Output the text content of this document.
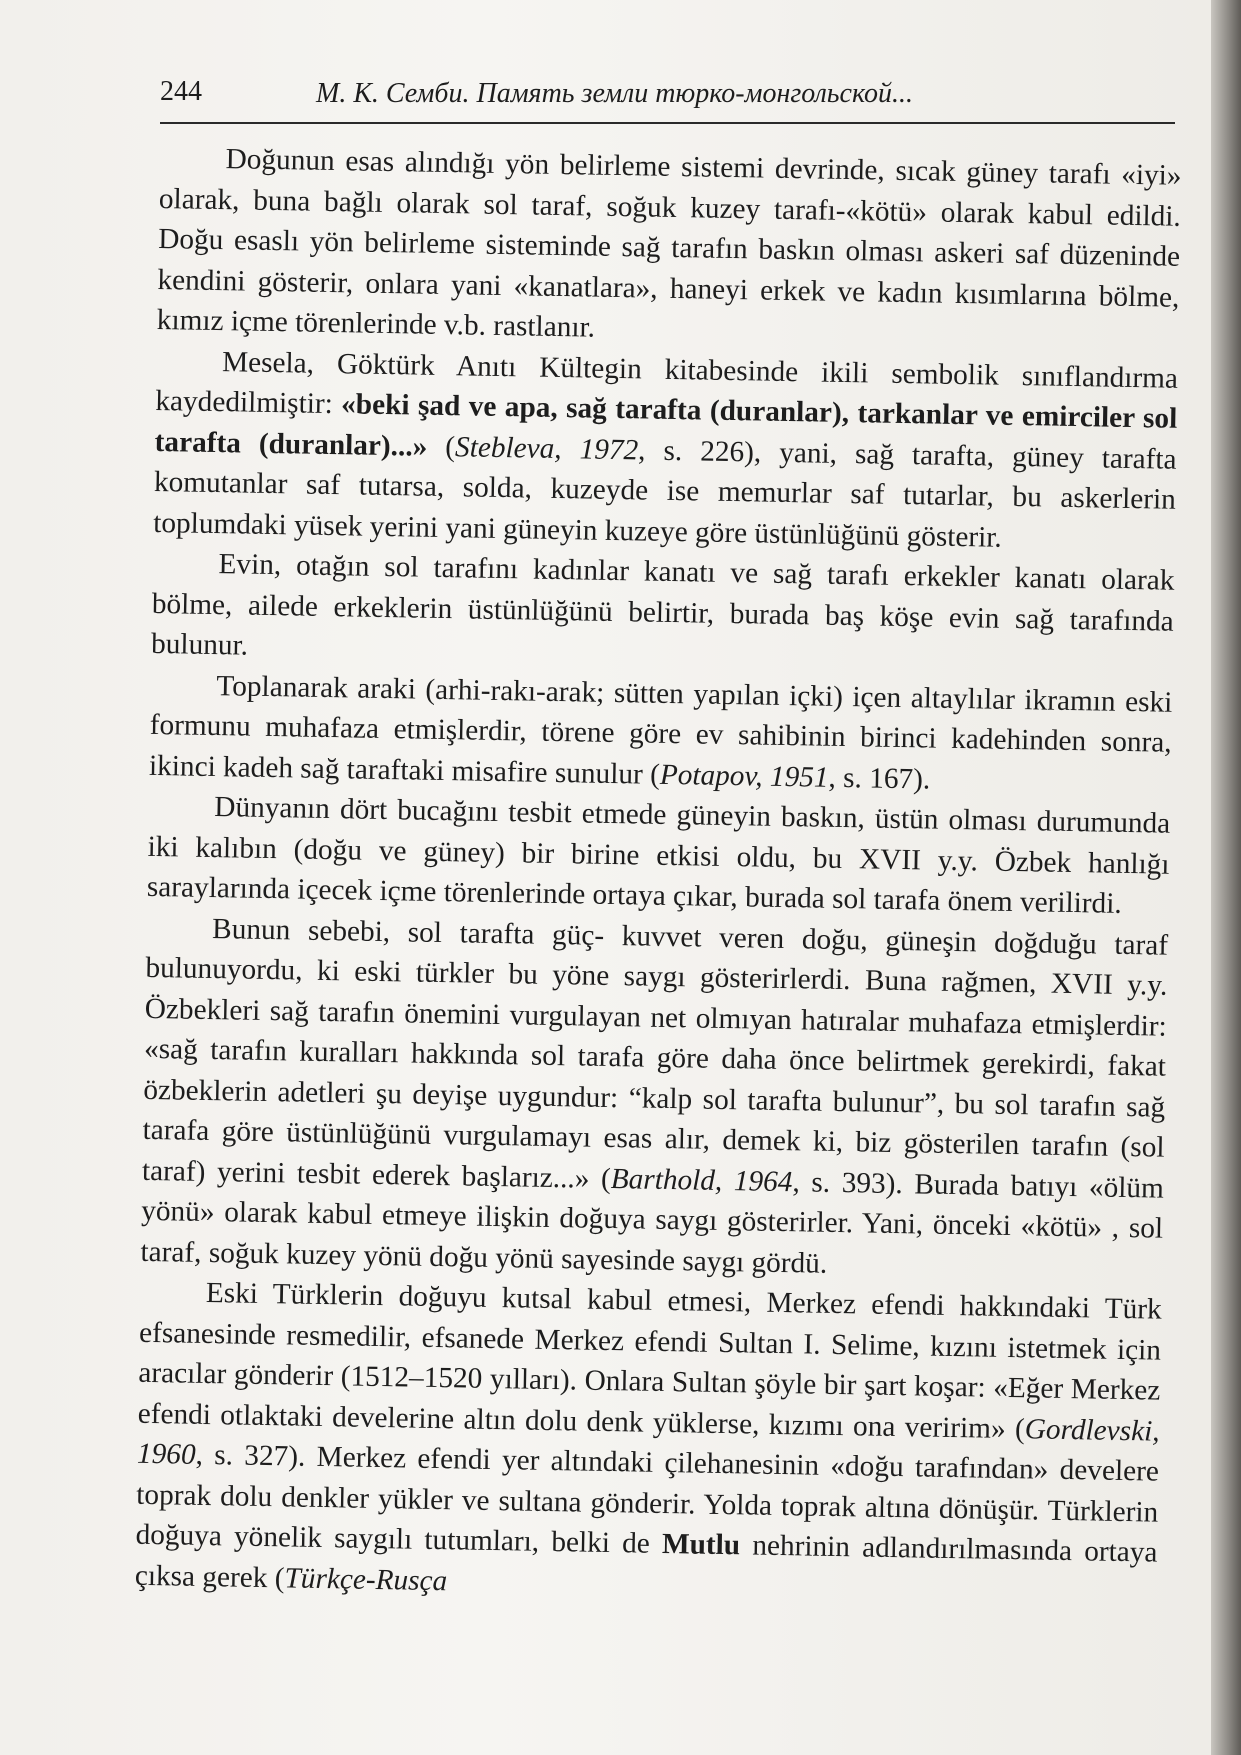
244	М. К. Сембu. Память земли тюрко-монгольской...

Doğunun esas alındığı yön belirleme sistemi devrinde, sıcak güney tarafı «iyi» olarak, buna bağlı olarak sol taraf, soğuk kuzey tarafı-«kötü» olarak kabul edildi. Doğu esaslı yön belirleme sisteminde sağ tarafın baskın olması askeri saf düzeninde kendini gösterir, onlara yani «kanatlara», haneyi erkek ve kadın kısımlarına bölme, kımız içme törenlerinde v.b. rastlanır.

Mesela, Göktürk Anıtı Kültegin kitabesinde ikili sembolik sınıflandırma kaydedilmiştir: «beki şad ve apa, sağ tarafta (duranlar), tarkanlar ve emirciler sol tarafta (duranlar)...» (Stebleva, 1972, s. 226), yani, sağ tarafta, güney tarafta komutanlar saf tutarsa, solda, kuzeyde ise memurlar saf tutarlar, bu askerlerin toplumdaki yüsek yerini yani güneyin kuzeye göre üstünlüğünü gösterir.

Evin, otağın sol tarafını kadınlar kanatı ve sağ tarafı erkekler kanatı olarak bölme, ailede erkeklerin üstünlüğünü belirtir, burada baş köşe evin sağ tarafında bulunur.

Toplanarak araki (arhi-rakı-arak; sütten yapılan içki) içen altaylılar ikramın eski formunu muhafaza etmişlerdir, törene göre ev sahibinin birinci kadehinden sonra, ikinci kadeh sağ taraftaki misafire sunulur (Potapov, 1951, s. 167).

Dünyanın dört bucağını tesbit etmede güneyin baskın, üstün olması durumunda iki kalıbın (doğu ve güney) bir birine etkisi oldu, bu XVII y.y. Özbek hanlığı saraylarında içecek içme törenlerinde ortaya çıkar, burada sol tarafa önem verilirdi.

Bunun sebebi, sol tarafta güç- kuvvet veren doğu, güneşin doğduğu taraf bulunuyordu, ki eski türkler bu yöne saygı gösterirlerdi. Buna rağmen, XVII y.y. Özbekleri sağ tarafın önemini vurgulayan net olmıyan hatıralar muhafaza etmişlerdir: «sağ tarafın kuralları hakkında sol tarafa göre daha önce belirtmek gerekirdi, fakat özbeklerin adetleri şu deyişe uygundur: “kalp sol tarafta bulunur”, bu sol tarafın sağ tarafa göre üstünlüğünü vurgulamayı esas alır, demek ki, biz gösterilen tarafın (sol taraf) yerini tesbit ederek başlarız...» (Barthold, 1964, s. 393). Burada batıyı «ölüm yönü» olarak kabul etmeye ilişkin doğuya saygı gösterirler. Yani, önceki «kötü» , sol taraf, soğuk kuzey yönü doğu yönü sayesinde saygı gördü.

Eski Türklerin doğuyu kutsal kabul etmesi, Merkez efendi hakkındaki Türk efsanesinde resmedilir, efsanede Merkez efendi Sultan I. Selime, kızını istetmek için aracılar gönderir (1512–1520 yılları). Onlara Sultan şöyle bir şart koşar: «Eğer Merkez efendi otlaktaki develerine altın dolu denk yüklerse, kızımı ona veririm» (Gordlevski, 1960, s. 327). Merkez efendi yer altındaki çilehanesinin «doğu tarafından» develere toprak dolu denkler yükler ve sultana gönderir. Yolda toprak altına dönüşür. Türklerin doğuya yönelik saygılı tutumları, belki de Mutlu nehrinin adlandırılmasında ortaya çıksa gerek (Türkçe-Rusça
